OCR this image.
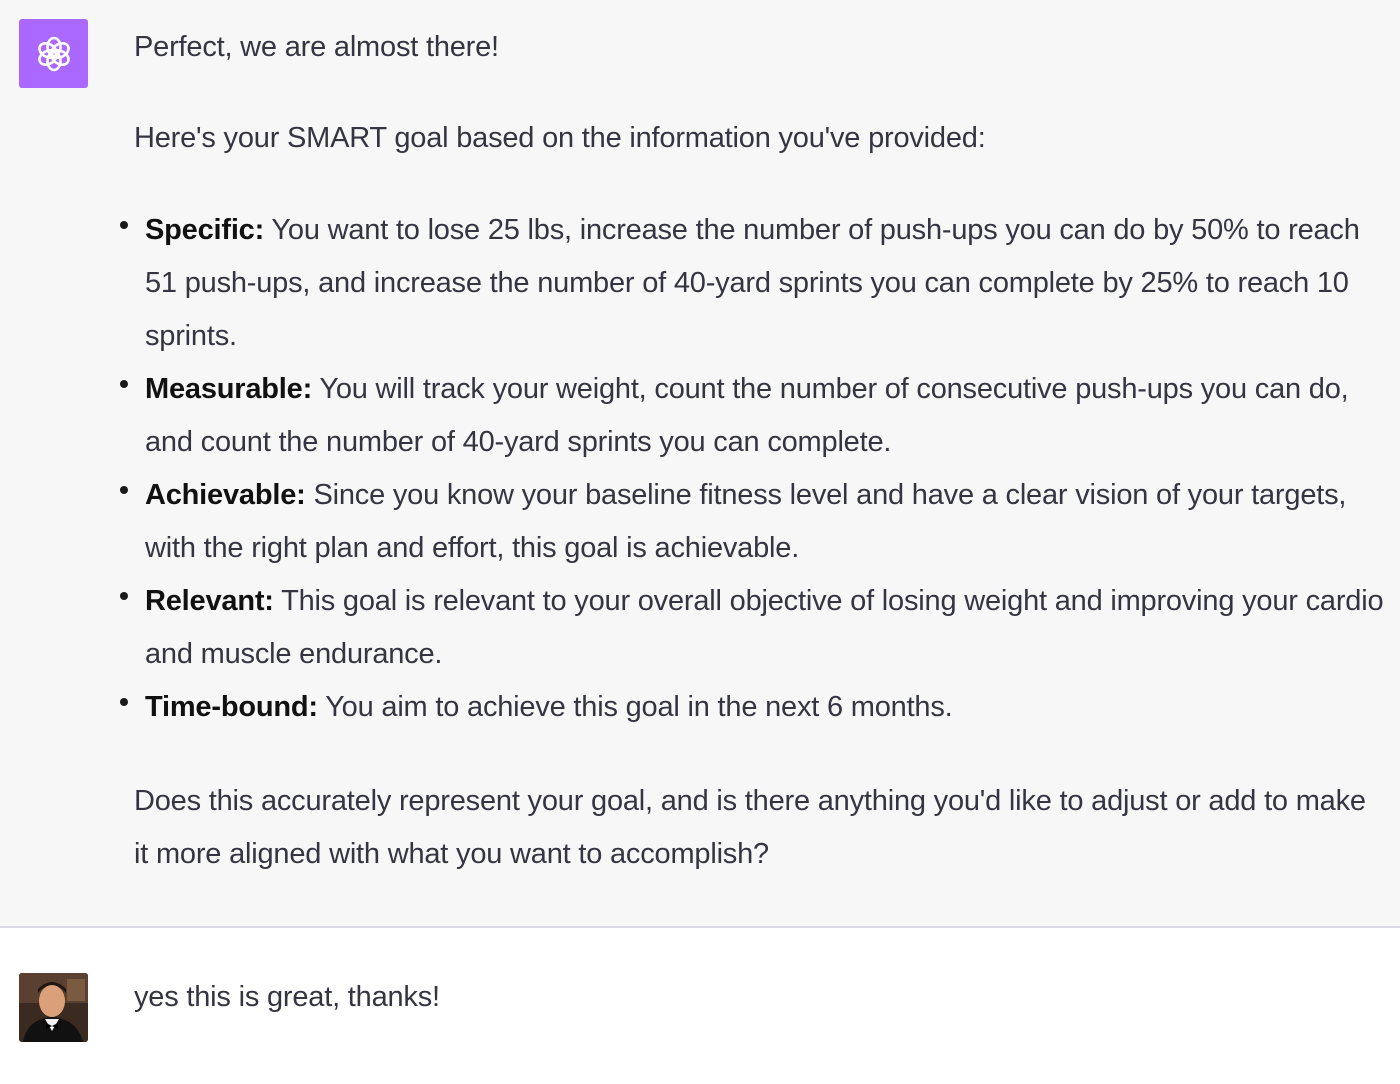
Perfect, we are almost there!
Here's your SMART goal based on the information you've provided:
Specific: You want to lose 25 lbs, increase the number of push-ups you can do by 50% to reach 51 push-ups, and increase the number of 40-yard sprints you can complete by 25% to reach 10 sprints.
Measurable: You will track your weight, count the number of consecutive push-ups you can do, and count the number of 40-yard sprints you can complete.
Achievable: Since you know your baseline fitness level and have a clear vision of your targets, with the right plan and effort, this goal is achievable.
Relevant: This goal is relevant to your overall objective of losing weight and improving your cardio and muscle endurance.
Time-bound: You aim to achieve this goal in the next 6 months.
Does this accurately represent your goal, and is there anything you'd like to adjust or add to make it more aligned with what you want to accomplish?
yes this is great, thanks!
